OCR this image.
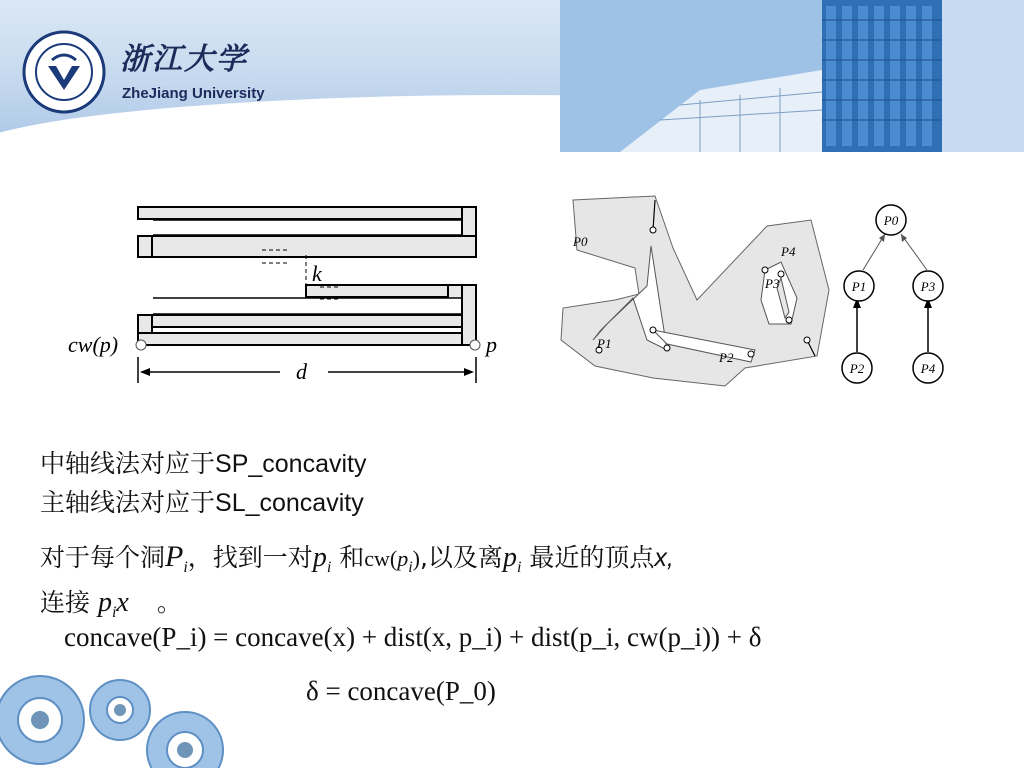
浙江大学
ZheJiang University
k
cw(p)	p
d
P0
P1
P2
P3
P4
P0
P1	P3
P2	P4
中轴线法对应于SP_concavity
主轴线法对应于SL_concavity
对于每个洞$P_i$，找到一对$p_i$ 和$cw(p_i)$,以及离$p_i$ 最近的顶点x,
连接 $p_ix$ 。
concave(P_i) = concave(x) + dist(x, p_i) + dist(p_i, cw(p_i)) + δ
δ = concave(P_0)
